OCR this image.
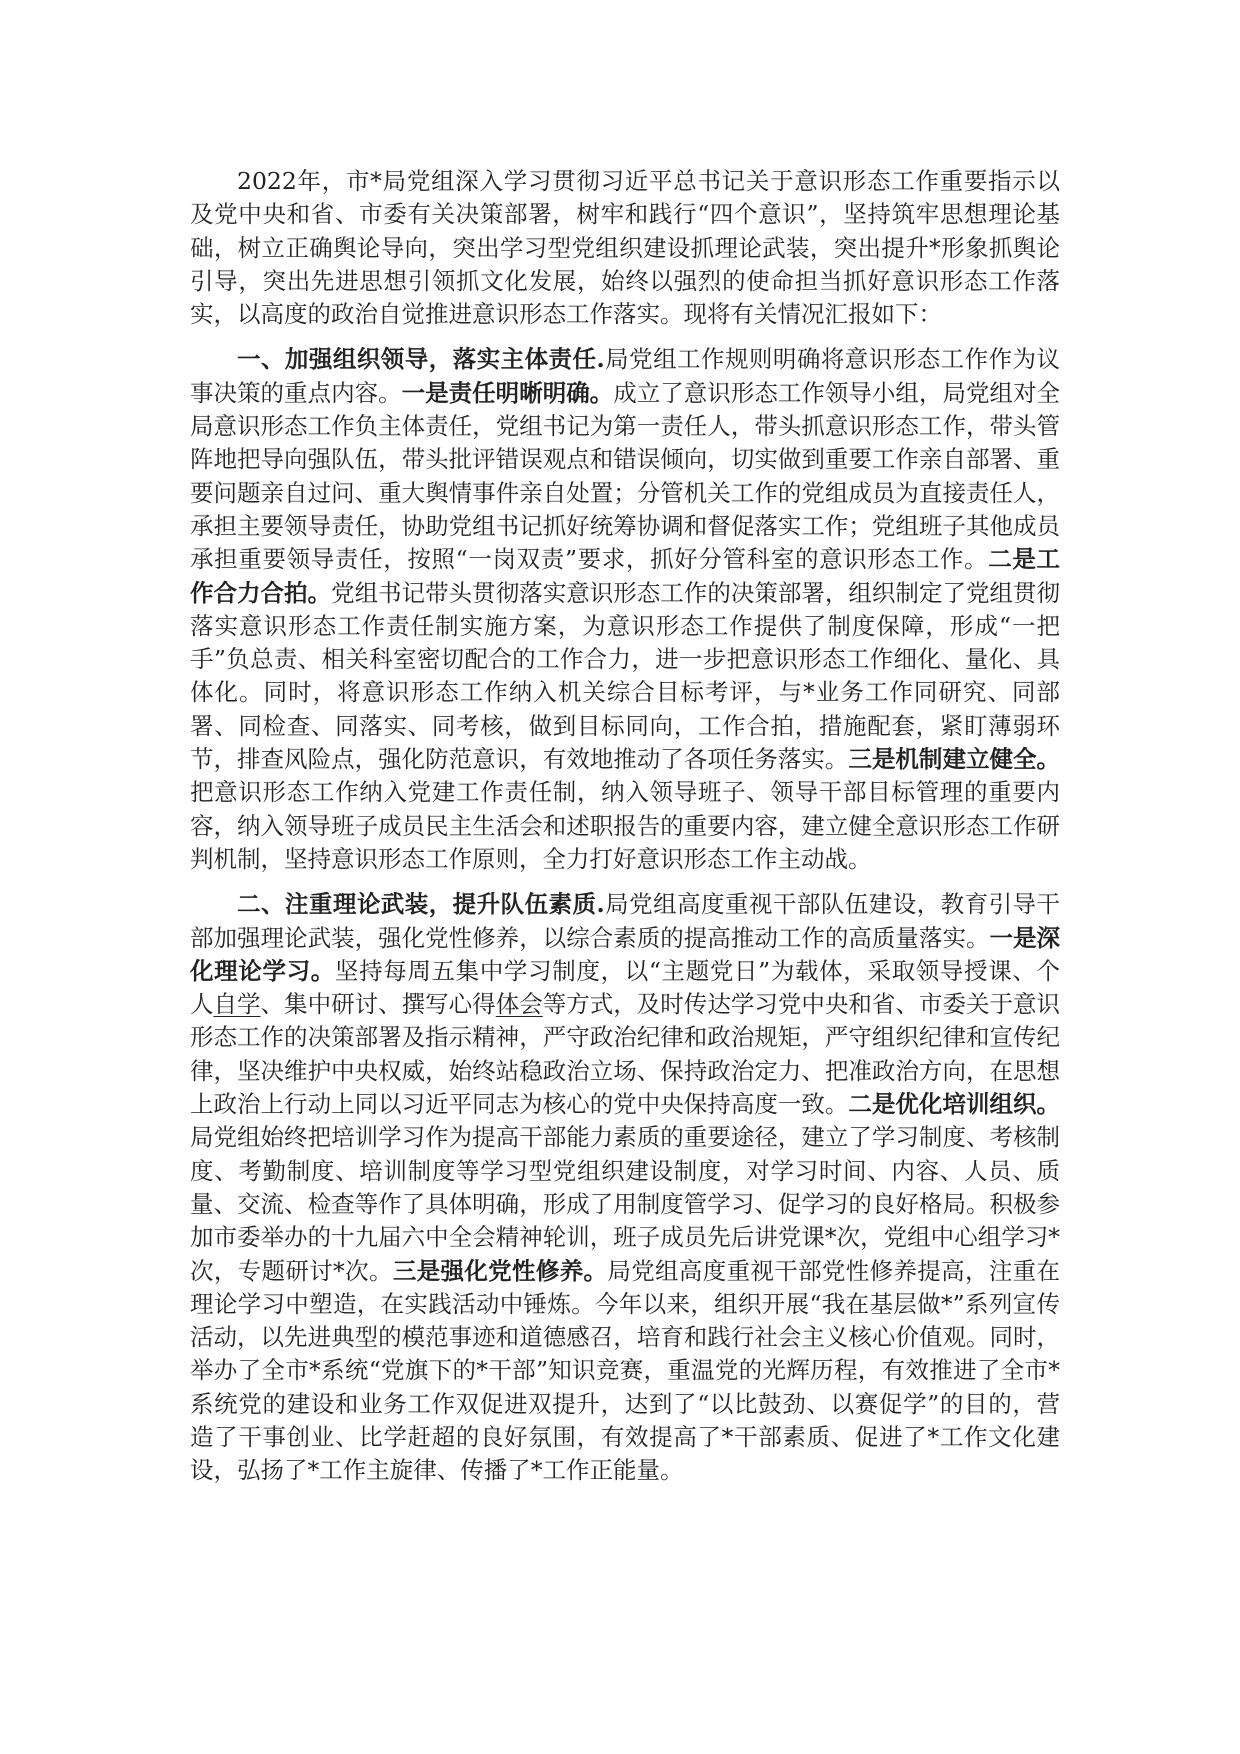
2022年，市*局党组深入学习贯彻习近平总书记关于意识形态工作重要指示以及党中央和省、市委有关决策部署，树牢和践行“四个意识”，坚持筑牢思想理论基础，树立正确舆论导向，突出学习型党组织建设抓理论武装，突出提升*形象抓舆论引导，突出先进思想引领抓文化发展，始终以强烈的使命担当抓好意识形态工作落实，以高度的政治自觉推进意识形态工作落实。现将有关情况汇报如下：

一、加强组织领导，落实主体责任.局党组工作规则明确将意识形态工作作为议事决策的重点内容。一是责任明晰明确。成立了意识形态工作领导小组，局党组对全局意识形态工作负主体责任，党组书记为第一责任人，带头抓意识形态工作，带头管阵地把导向强队伍，带头批评错误观点和错误倾向，切实做到重要工作亲自部署、重要问题亲自过问、重大舆情事件亲自处置；分管机关工作的党组成员为直接责任人，承担主要领导责任，协助党组书记抓好统筹协调和督促落实工作；党组班子其他成员承担重要领导责任，按照“一岗双责”要求，抓好分管科室的意识形态工作。二是工作合力合拍。党组书记带头贯彻落实意识形态工作的决策部署，组织制定了党组贯彻落实意识形态工作责任制实施方案，为意识形态工作提供了制度保障，形成“一把手”负总责、相关科室密切配合的工作合力，进一步把意识形态工作细化、量化、具体化。同时，将意识形态工作纳入机关综合目标考评，与*业务工作同研究、同部署、同检查、同落实、同考核，做到目标同向，工作合拍，措施配套，紧盯薄弱环节，排查风险点，强化防范意识，有效地推动了各项任务落实。三是机制建立健全。把意识形态工作纳入党建工作责任制，纳入领导班子、领导干部目标管理的重要内容，纳入领导班子成员民主生活会和述职报告的重要内容，建立健全意识形态工作研判机制，坚持意识形态工作原则，全力打好意识形态工作主动战。

二、注重理论武装，提升队伍素质.局党组高度重视干部队伍建设，教育引导干部加强理论武装，强化党性修养，以综合素质的提高推动工作的高质量落实。一是深化理论学习。坚持每周五集中学习制度，以“主题党日”为载体，采取领导授课、个人自学、集中研讨、撰写心得体会等方式，及时传达学习党中央和省、市委关于意识形态工作的决策部署及指示精神，严守政治纪律和政治规矩，严守组织纪律和宣传纪律，坚决维护中央权威，始终站稳政治立场、保持政治定力、把准政治方向，在思想上政治上行动上同以习近平同志为核心的党中央保持高度一致。二是优化培训组织。局党组始终把培训学习作为提高干部能力素质的重要途径，建立了学习制度、考核制度、考勤制度、培训制度等学习型党组织建设制度，对学习时间、内容、人员、质量、交流、检查等作了具体明确，形成了用制度管学习、促学习的良好格局。积极参加市委举办的十九届六中全会精神轮训，班子成员先后讲党课*次，党组中心组学习*次，专题研讨*次。三是强化党性修养。局党组高度重视干部党性修养提高，注重在理论学习中塑造，在实践活动中锤炼。今年以来，组织开展“我在基层做*”系列宣传活动，以先进典型的模范事迹和道德感召，培育和践行社会主义核心价值观。同时，举办了全市*系统“党旗下的*干部”知识竞赛，重温党的光辉历程，有效推进了全市*系统党的建设和业务工作双促进双提升，达到了“以比鼓劲、以赛促学”的目的，营造了干事创业、比学赶超的良好氛围，有效提高了*干部素质、促进了*工作文化建设，弘扬了*工作主旋律、传播了*工作正能量。
